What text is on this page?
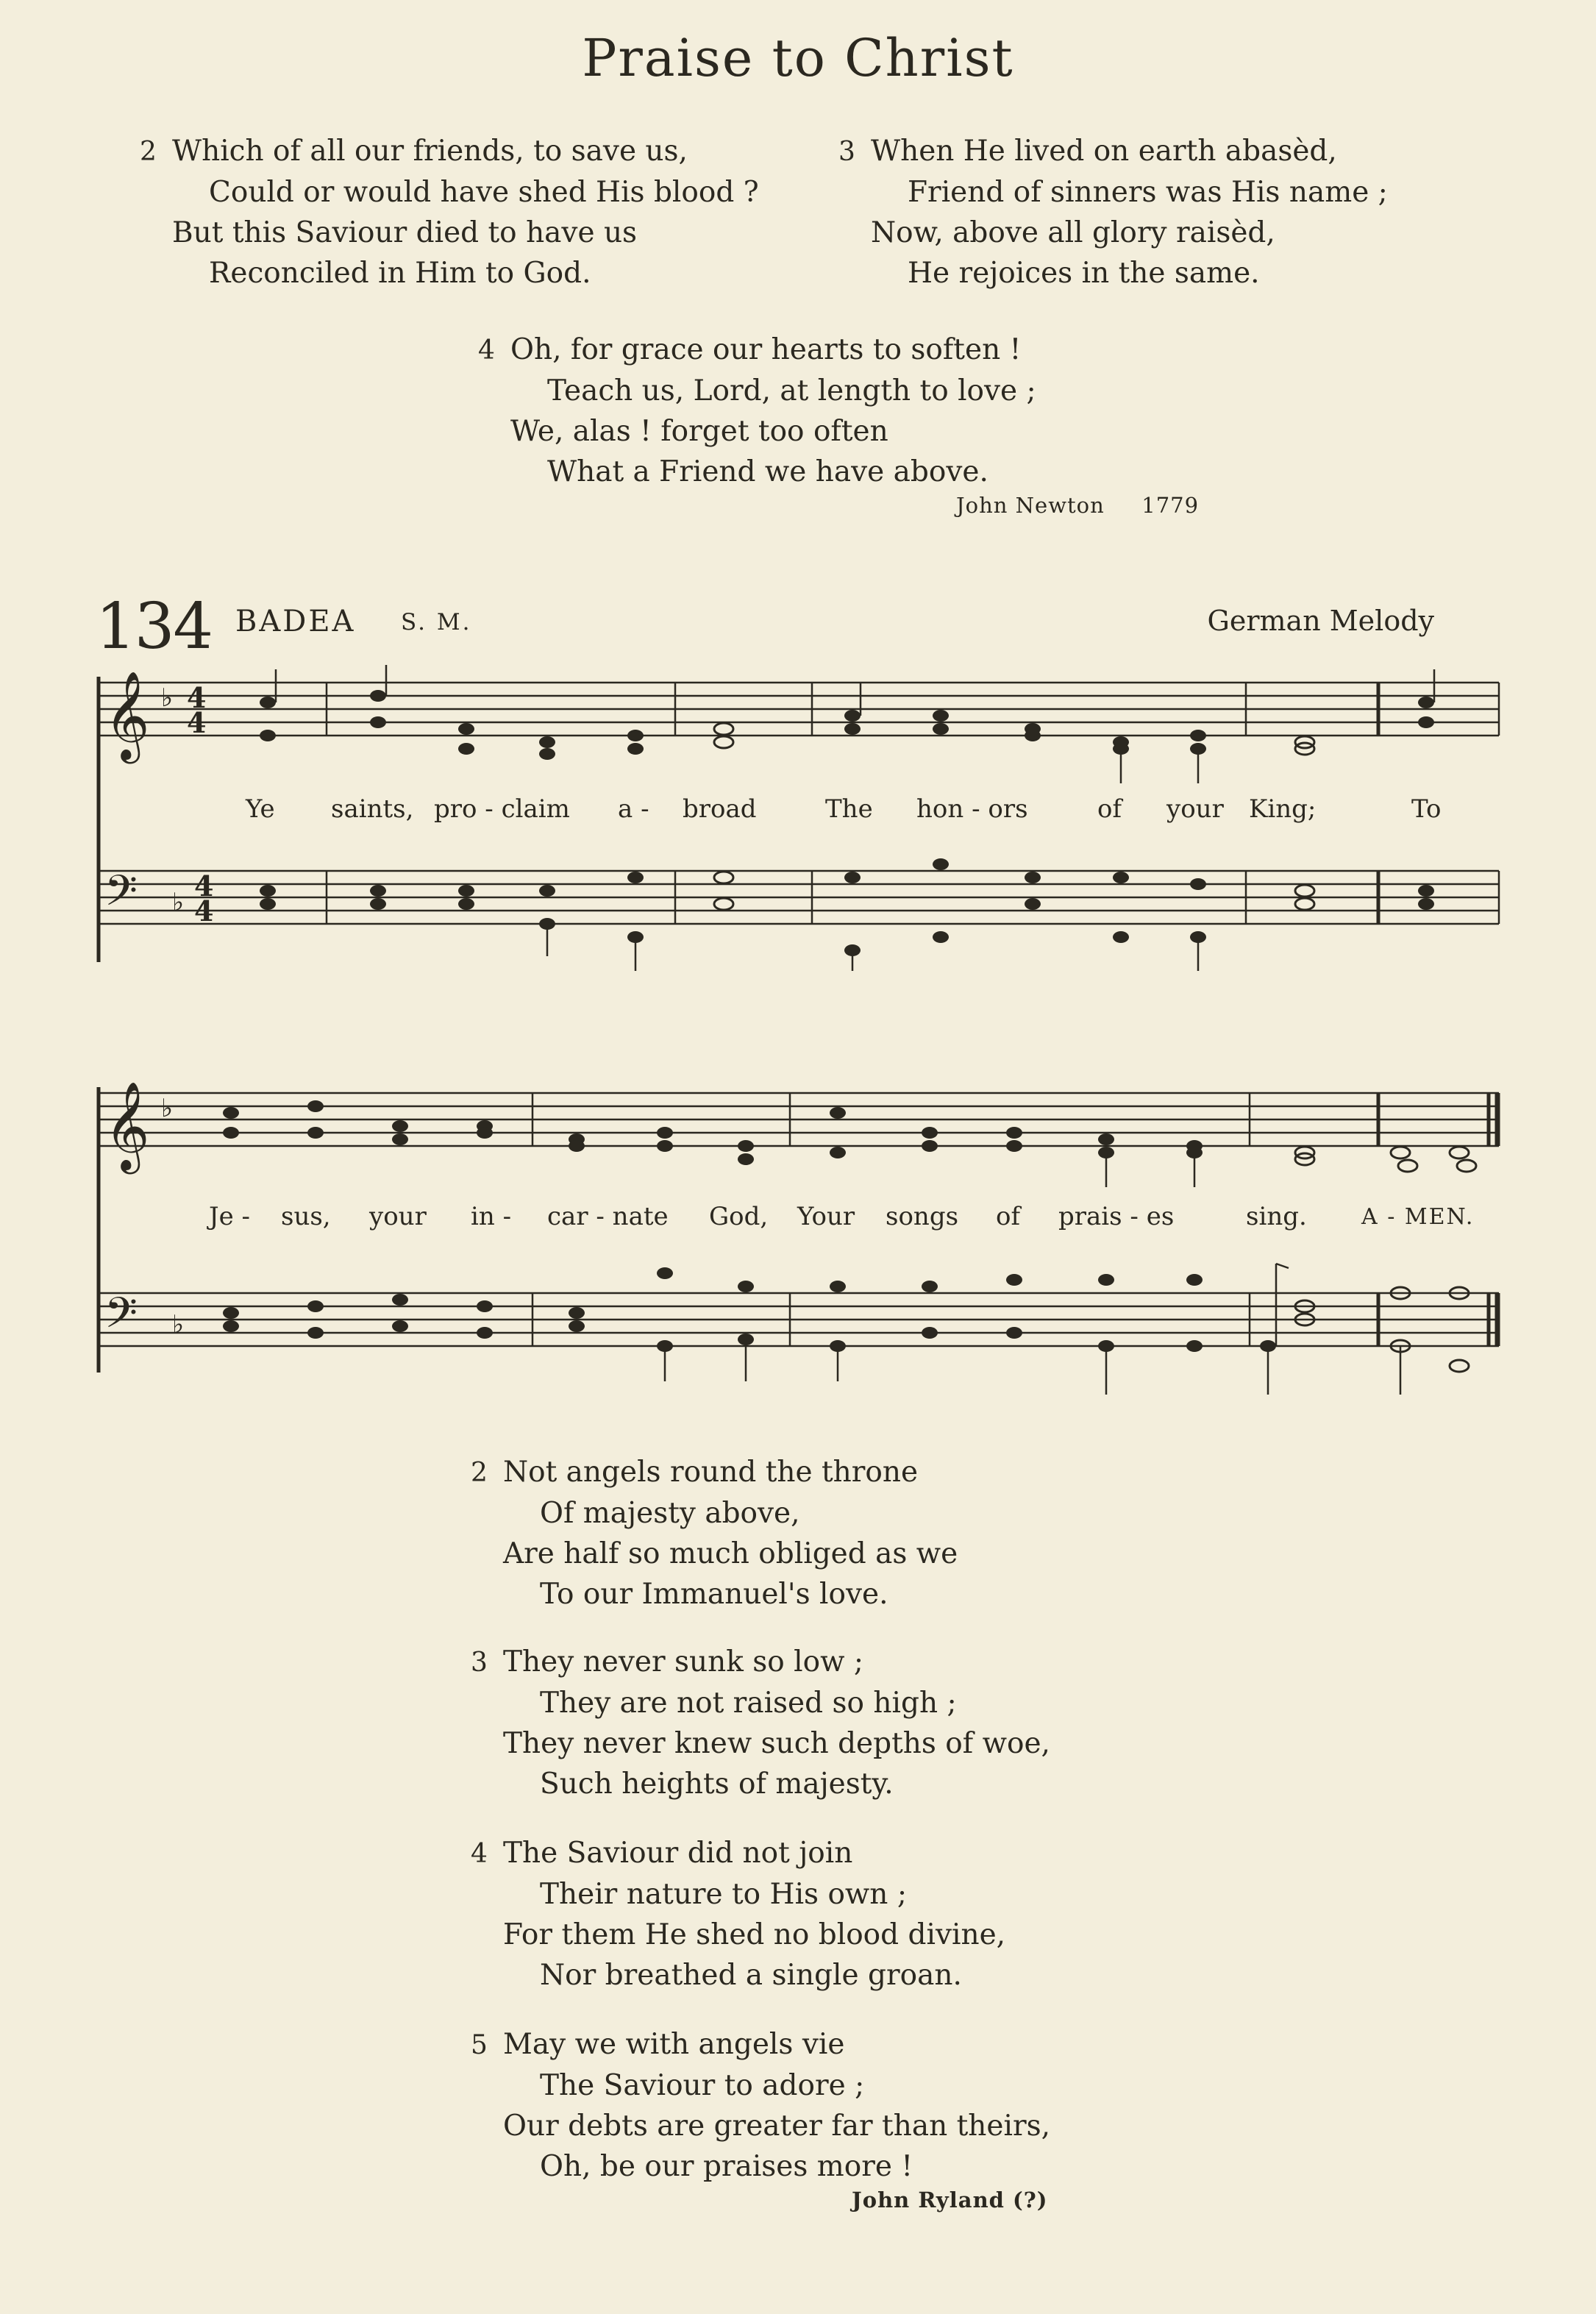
Praise to Christ
2 Which of all our friends, to save us,
Could or would have shed His blood ?
But this Saviour died to have us
Reconciled in Him to God.
3 When He lived on earth abasèd,
Friend of sinners was His name ;
Now, above all glory raisèd,
He rejoices in the same.
4 Oh, for grace our hearts to soften !
Teach us, Lord, at length to love ;
We, alas ! forget too often
What a Friend we have above.
John Newton 1779
134 BADEA S. M.	German Melody
𝄞
𝄢
♭
♭
4
4
4
4
Ye saints, pro - claim a - broad	The hon - ors	of your King;	To
𝄞
𝄢
♭
♭
Je - sus, your in - car - nate God, Your songs of prais - es	sing. A - MEN.
2 Not angels round the throne
Of majesty above,
Are half so much obliged as we
To our Immanuel's love.
3 They never sunk so low ;
They are not raised so high ;
They never knew such depths of woe,
Such heights of majesty.
4 The Saviour did not join
Their nature to His own ;
For them He shed no blood divine,
Nor breathed a single groan.
5 May we with angels vie
The Saviour to adore ;
Our debts are greater far than theirs,
Oh, be our praises more !
John Ryland (?)
